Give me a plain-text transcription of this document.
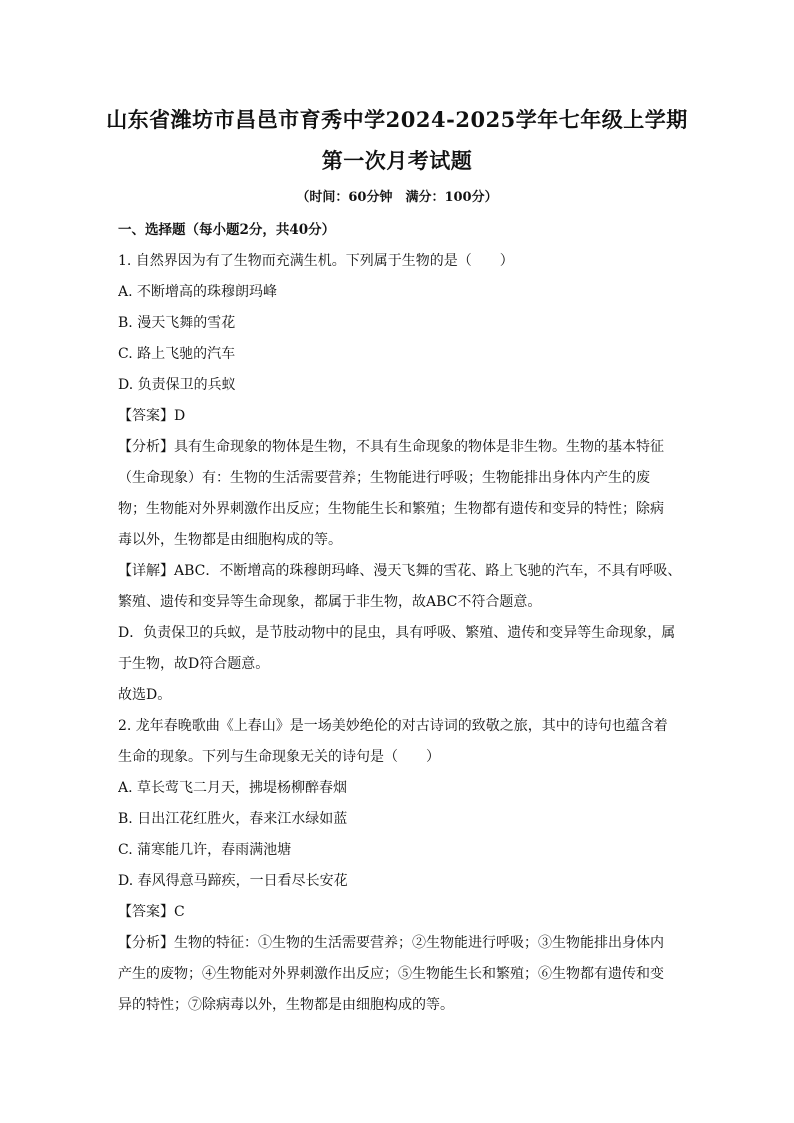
山东省潍坊市昌邑市育秀中学2024-2025学年七年级上学期
第一次月考试题
（时间：60分钟　满分：100分）
一、选择题（每小题2分，共40分）
1. 自然界因为有了生物而充满生机。下列属于生物的是（　　）
A. 不断增高的珠穆朗玛峰
B. 漫天飞舞的雪花
C. 路上飞驰的汽车
D. 负责保卫的兵蚁
【答案】D
【分析】具有生命现象的物体是生物，不具有生命现象的物体是非生物。生物的基本特征
（生命现象）有：生物的生活需要营养；生物能进行呼吸；生物能排出身体内产生的废
物；生物能对外界刺激作出反应；生物能生长和繁殖；生物都有遗传和变异的特性；除病
毒以外，生物都是由细胞构成的等。
【详解】ABC．不断增高的珠穆朗玛峰、漫天飞舞的雪花、路上飞驰的汽车，不具有呼吸、
繁殖、遗传和变异等生命现象，都属于非生物，故ABC不符合题意。
D．负责保卫的兵蚁，是节肢动物中的昆虫，具有呼吸、繁殖、遗传和变异等生命现象，属
于生物，故D符合题意。
故选D。
2. 龙年春晚歌曲《上春山》是一场美妙绝伦的对古诗词的致敬之旅，其中的诗句也蕴含着
生命的现象。下列与生命现象无关的诗句是（　　）
A. 草长莺飞二月天，拂堤杨柳醉春烟
B. 日出江花红胜火，春来江水绿如蓝
C. 蒲寒能几许，春雨满池塘
D. 春风得意马蹄疾，一日看尽长安花
【答案】C
【分析】生物的特征：①生物的生活需要营养；②生物能进行呼吸；③生物能排出身体内
产生的废物；④生物能对外界刺激作出反应；⑤生物能生长和繁殖；⑥生物都有遗传和变
异的特性；⑦除病毒以外，生物都是由细胞构成的等。
